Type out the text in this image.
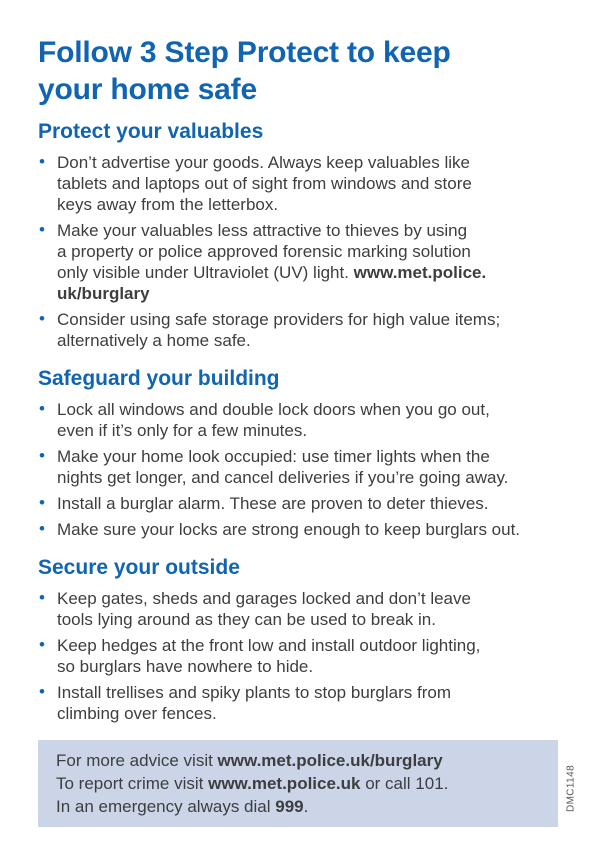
Follow 3 Step Protect to keep
your home safe
Protect your valuables
• Don’t advertise your goods. Always keep valuables like
tablets and laptops out of sight from windows and store
keys away from the letterbox.
• Make your valuables less attractive to thieves by using
a property or police approved forensic marking solution
only visible under Ultraviolet (UV) light. www.met.police.
uk/burglary
• Consider using safe storage providers for high value items;
alternatively a home safe.
Safeguard your building
• Lock all windows and double lock doors when you go out,
even if it’s only for a few minutes.
• Make your home look occupied: use timer lights when the
nights get longer, and cancel deliveries if you’re going away.
• Install a burglar alarm. These are proven to deter thieves.
• Make sure your locks are strong enough to keep burglars out.
Secure your outside
• Keep gates, sheds and garages locked and don’t leave
tools lying around as they can be used to break in.
• Keep hedges at the front low and install outdoor lighting,
so burglars have nowhere to hide.
• Install trellises and spiky plants to stop burglars from
climbing over fences.

For more advice visit www.met.police.uk/burglary

To report crime visit www.met.police.uk or call 101.

In an emergency always dial 999.	DMC1148
